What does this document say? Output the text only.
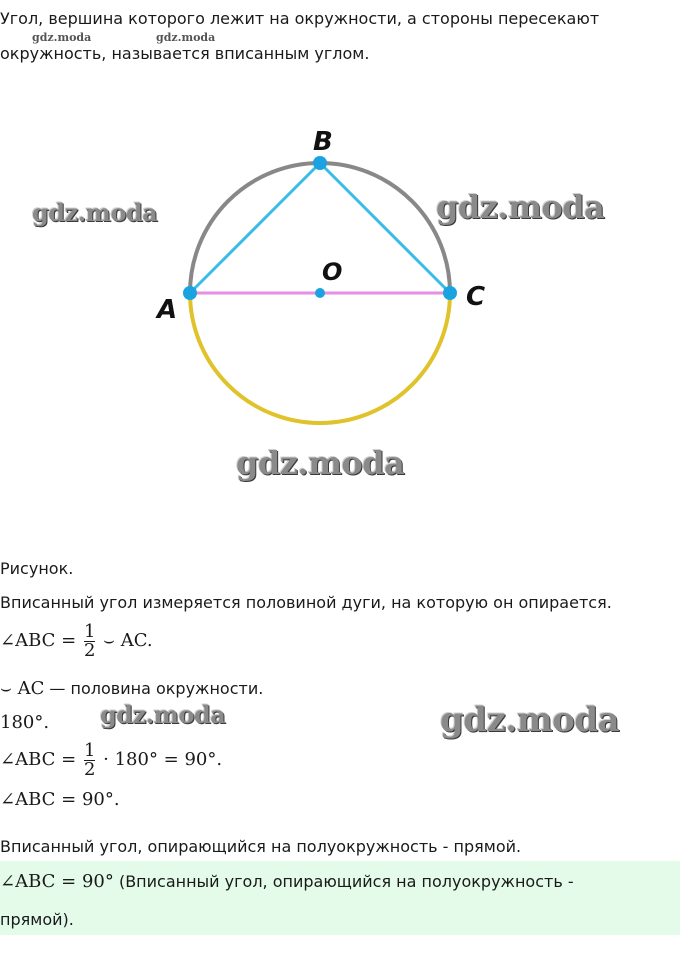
Угол, вершина которого лежит на окружности, а стороны пересекают
gdz.moda	gdz.moda
окружность, называется вписанным углом.
B
O
A	C
gdz.moda	gdz.moda
gdz.moda
Рисунок.
Вписанный угол измеряется половиной дуги, на которую он опирается.
∠ABC = $\frac{1}{2}$ ⌣ AC.
⌣ AC — половина окружности.
180°. gdz.moda	gdz.moda
∠ABC = $\frac{1}{2} \cdot 180^\circ = 90^\circ$.
∠ABC = 90°.
Вписанный угол, опирающийся на полуокружность - прямой.
∠ABC = 90° (Вписанный угол, опирающийся на полуокружность -
прямой).
